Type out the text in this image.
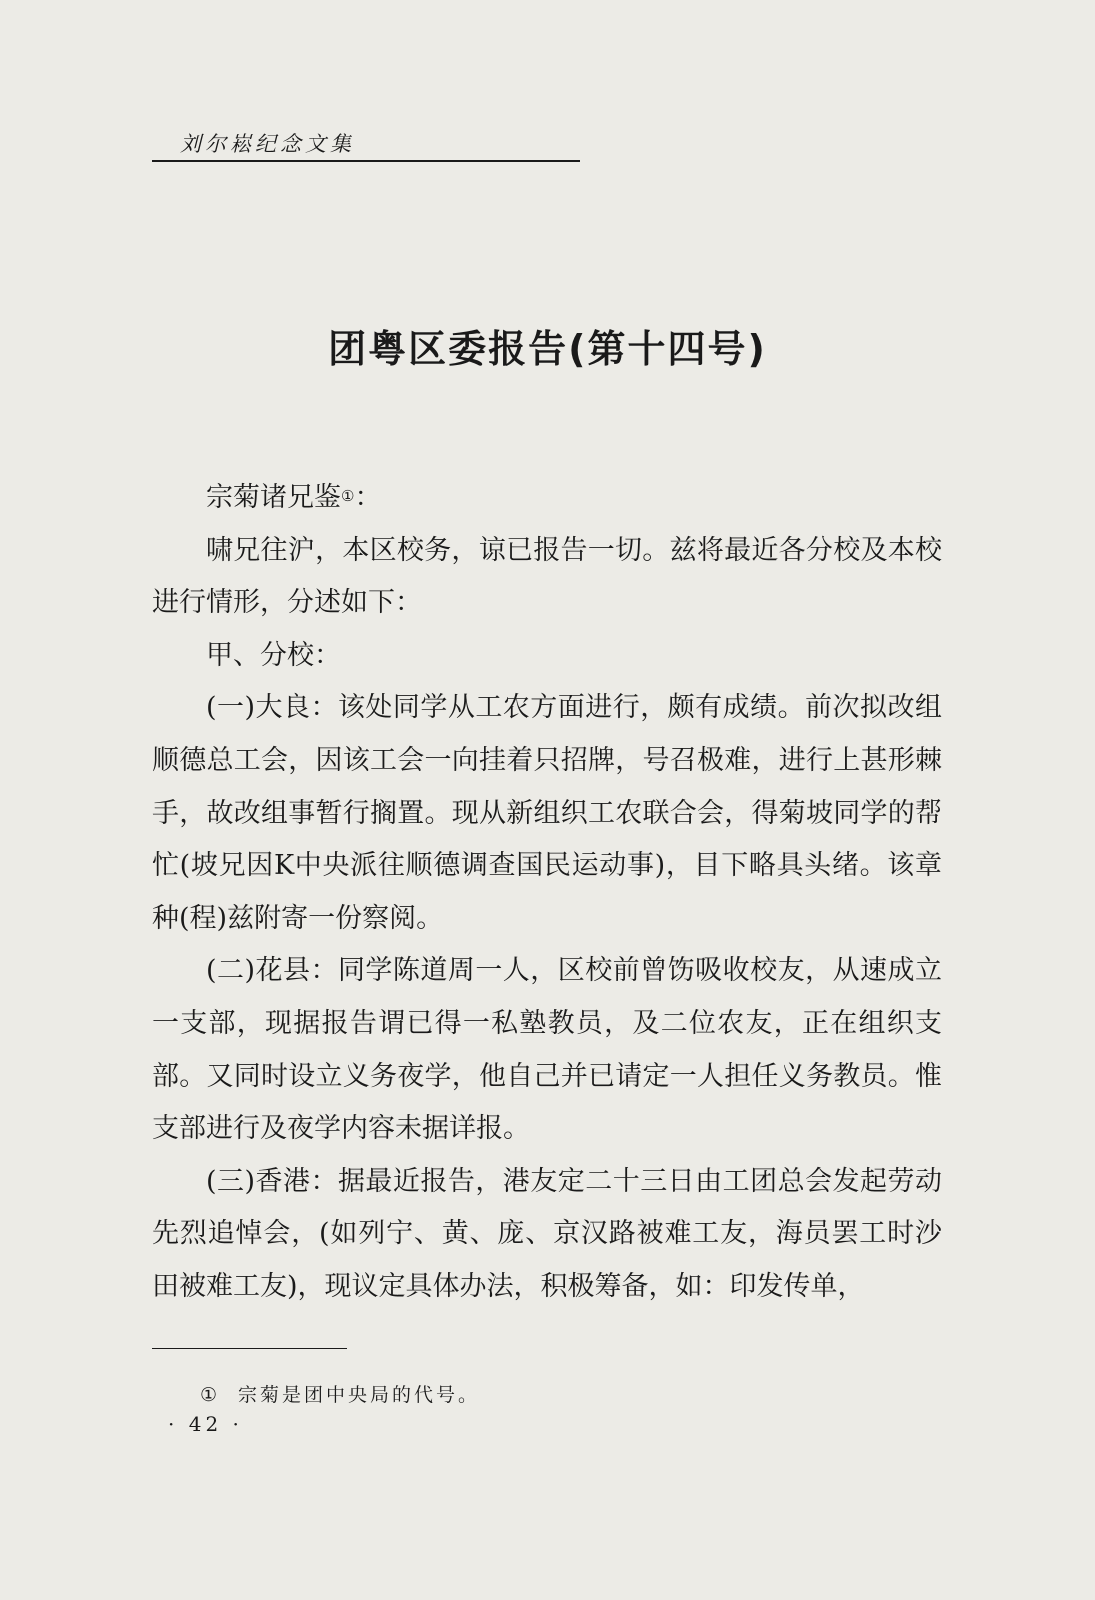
刘尔崧纪念文集
团粤区委报告(第十四号)

宗菊诸兄鉴①：

啸兄往沪，本区校务，谅已报告一切。兹将最近各分校及本校进行情形，分述如下：

甲、分校：

(一)大良：该处同学从工农方面进行，颇有成绩。前次拟改组顺德总工会，因该工会一向挂着只招牌，号召极难，进行上甚形棘手，故改组事暂行搁置。现从新组织工农联合会，得菊坡同学的帮忙(坡兄因K中央派往顺德调查国民运动事)，目下略具头绪。该章种(程)兹附寄一份察阅。

(二)花县：同学陈道周一人，区校前曾饬吸收校友，从速成立一支部，现据报告谓已得一私塾教员，及二位农友，正在组织支部。又同时设立义务夜学，他自己并已请定一人担任义务教员。惟支部进行及夜学内容未据详报。

(三)香港：据最近报告，港友定二十三日由工团总会发起劳动先烈追悼会，(如列宁、黄、庞、京汉路被难工友，海员罢工时沙田被难工友)，现议定具体办法，积极筹备，如：印发传单，

① 宗菊是团中央局的代号。
· 42 ·
